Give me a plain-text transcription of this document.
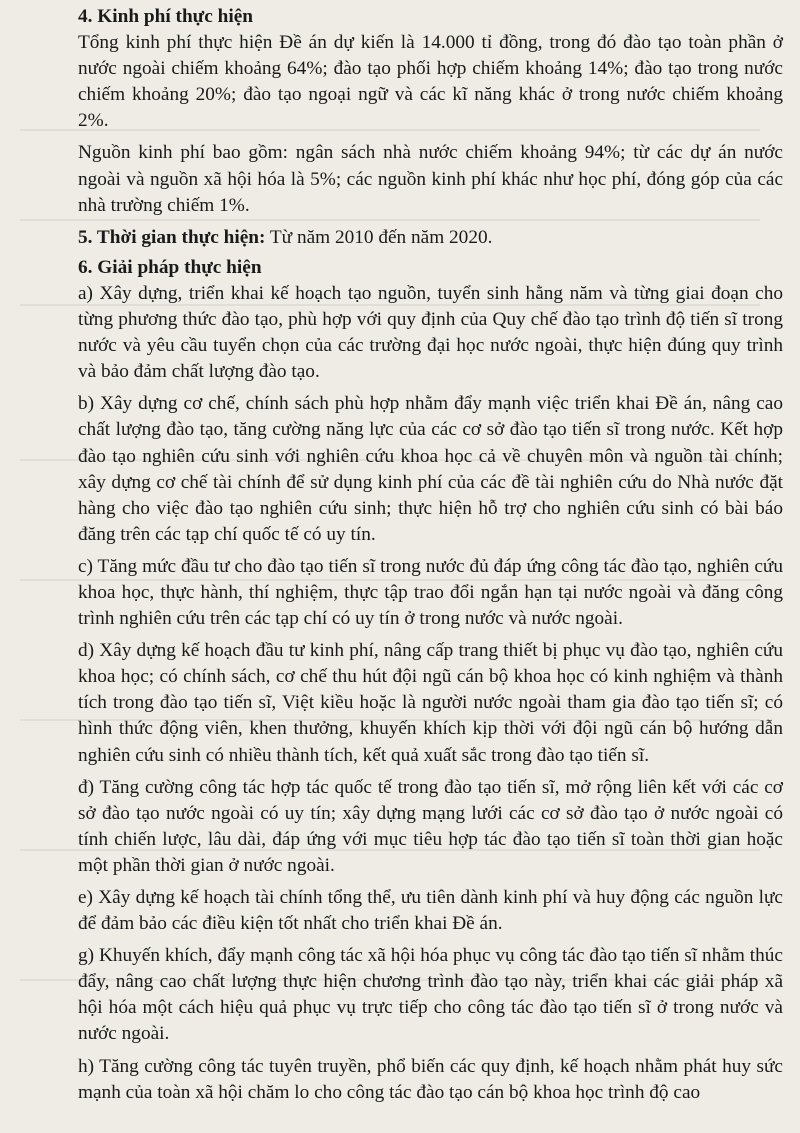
4. Kinh phí thực hiện

Tổng kinh phí thực hiện Đề án dự kiến là 14.000 tỉ đồng, trong đó đào tạo toàn phần ở nước ngoài chiếm khoảng 64%; đào tạo phối hợp chiếm khoảng 14%; đào tạo trong nước chiếm khoảng 20%; đào tạo ngoại ngữ và các kĩ năng khác ở trong nước chiếm khoảng 2%.

Nguồn kinh phí bao gồm: ngân sách nhà nước chiếm khoảng 94%; từ các dự án nước ngoài và nguồn xã hội hóa là 5%; các nguồn kinh phí khác như học phí, đóng góp của các nhà trường chiếm 1%.

5. Thời gian thực hiện: Từ năm 2010 đến năm 2020.

6. Giải pháp thực hiện

a) Xây dựng, triển khai kế hoạch tạo nguồn, tuyển sinh hằng năm và từng giai đoạn cho từng phương thức đào tạo, phù hợp với quy định của Quy chế đào tạo trình độ tiến sĩ trong nước và yêu cầu tuyển chọn của các trường đại học nước ngoài, thực hiện đúng quy trình và bảo đảm chất lượng đào tạo.

b) Xây dựng cơ chế, chính sách phù hợp nhằm đẩy mạnh việc triển khai Đề án, nâng cao chất lượng đào tạo, tăng cường năng lực của các cơ sở đào tạo tiến sĩ trong nước. Kết hợp đào tạo nghiên cứu sinh với nghiên cứu khoa học cả về chuyên môn và nguồn tài chính; xây dựng cơ chế tài chính để sử dụng kinh phí của các đề tài nghiên cứu do Nhà nước đặt hàng cho việc đào tạo nghiên cứu sinh; thực hiện hỗ trợ cho nghiên cứu sinh có bài báo đăng trên các tạp chí quốc tế có uy tín.

c) Tăng mức đầu tư cho đào tạo tiến sĩ trong nước đủ đáp ứng công tác đào tạo, nghiên cứu khoa học, thực hành, thí nghiệm, thực tập trao đổi ngắn hạn tại nước ngoài và đăng công trình nghiên cứu trên các tạp chí có uy tín ở trong nước và nước ngoài.

d) Xây dựng kế hoạch đầu tư kinh phí, nâng cấp trang thiết bị phục vụ đào tạo, nghiên cứu khoa học; có chính sách, cơ chế thu hút đội ngũ cán bộ khoa học có kinh nghiệm và thành tích trong đào tạo tiến sĩ, Việt kiều hoặc là người nước ngoài tham gia đào tạo tiến sĩ; có hình thức động viên, khen thưởng, khuyến khích kịp thời với đội ngũ cán bộ hướng dẫn nghiên cứu sinh có nhiều thành tích, kết quả xuất sắc trong đào tạo tiến sĩ.

đ) Tăng cường công tác hợp tác quốc tế trong đào tạo tiến sĩ, mở rộng liên kết với các cơ sở đào tạo nước ngoài có uy tín; xây dựng mạng lưới các cơ sở đào tạo ở nước ngoài có tính chiến lược, lâu dài, đáp ứng với mục tiêu hợp tác đào tạo tiến sĩ toàn thời gian hoặc một phần thời gian ở nước ngoài.

e) Xây dựng kế hoạch tài chính tổng thể, ưu tiên dành kinh phí và huy động các nguồn lực để đảm bảo các điều kiện tốt nhất cho triển khai Đề án.

g) Khuyến khích, đẩy mạnh công tác xã hội hóa phục vụ công tác đào tạo tiến sĩ nhằm thúc đẩy, nâng cao chất lượng thực hiện chương trình đào tạo này, triển khai các giải pháp xã hội hóa một cách hiệu quả phục vụ trực tiếp cho công tác đào tạo tiến sĩ ở trong nước và nước ngoài.

h) Tăng cường công tác tuyên truyền, phổ biến các quy định, kế hoạch nhằm phát huy sức mạnh của toàn xã hội chăm lo cho công tác đào tạo cán bộ khoa học trình độ cao
